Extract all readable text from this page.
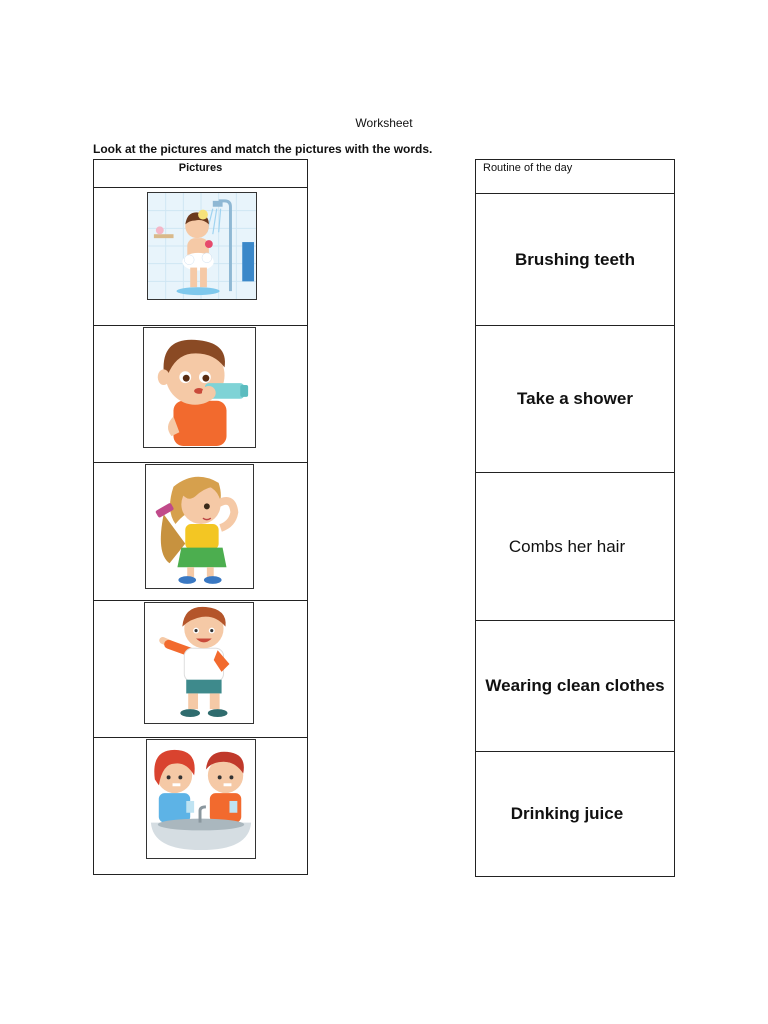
Worksheet
Look at the pictures and match the pictures with the words.
Pictures	Routine of the day
Brushing teeth
Take a shower
Combs her hair
Wearing clean clothes
Drinking juice
